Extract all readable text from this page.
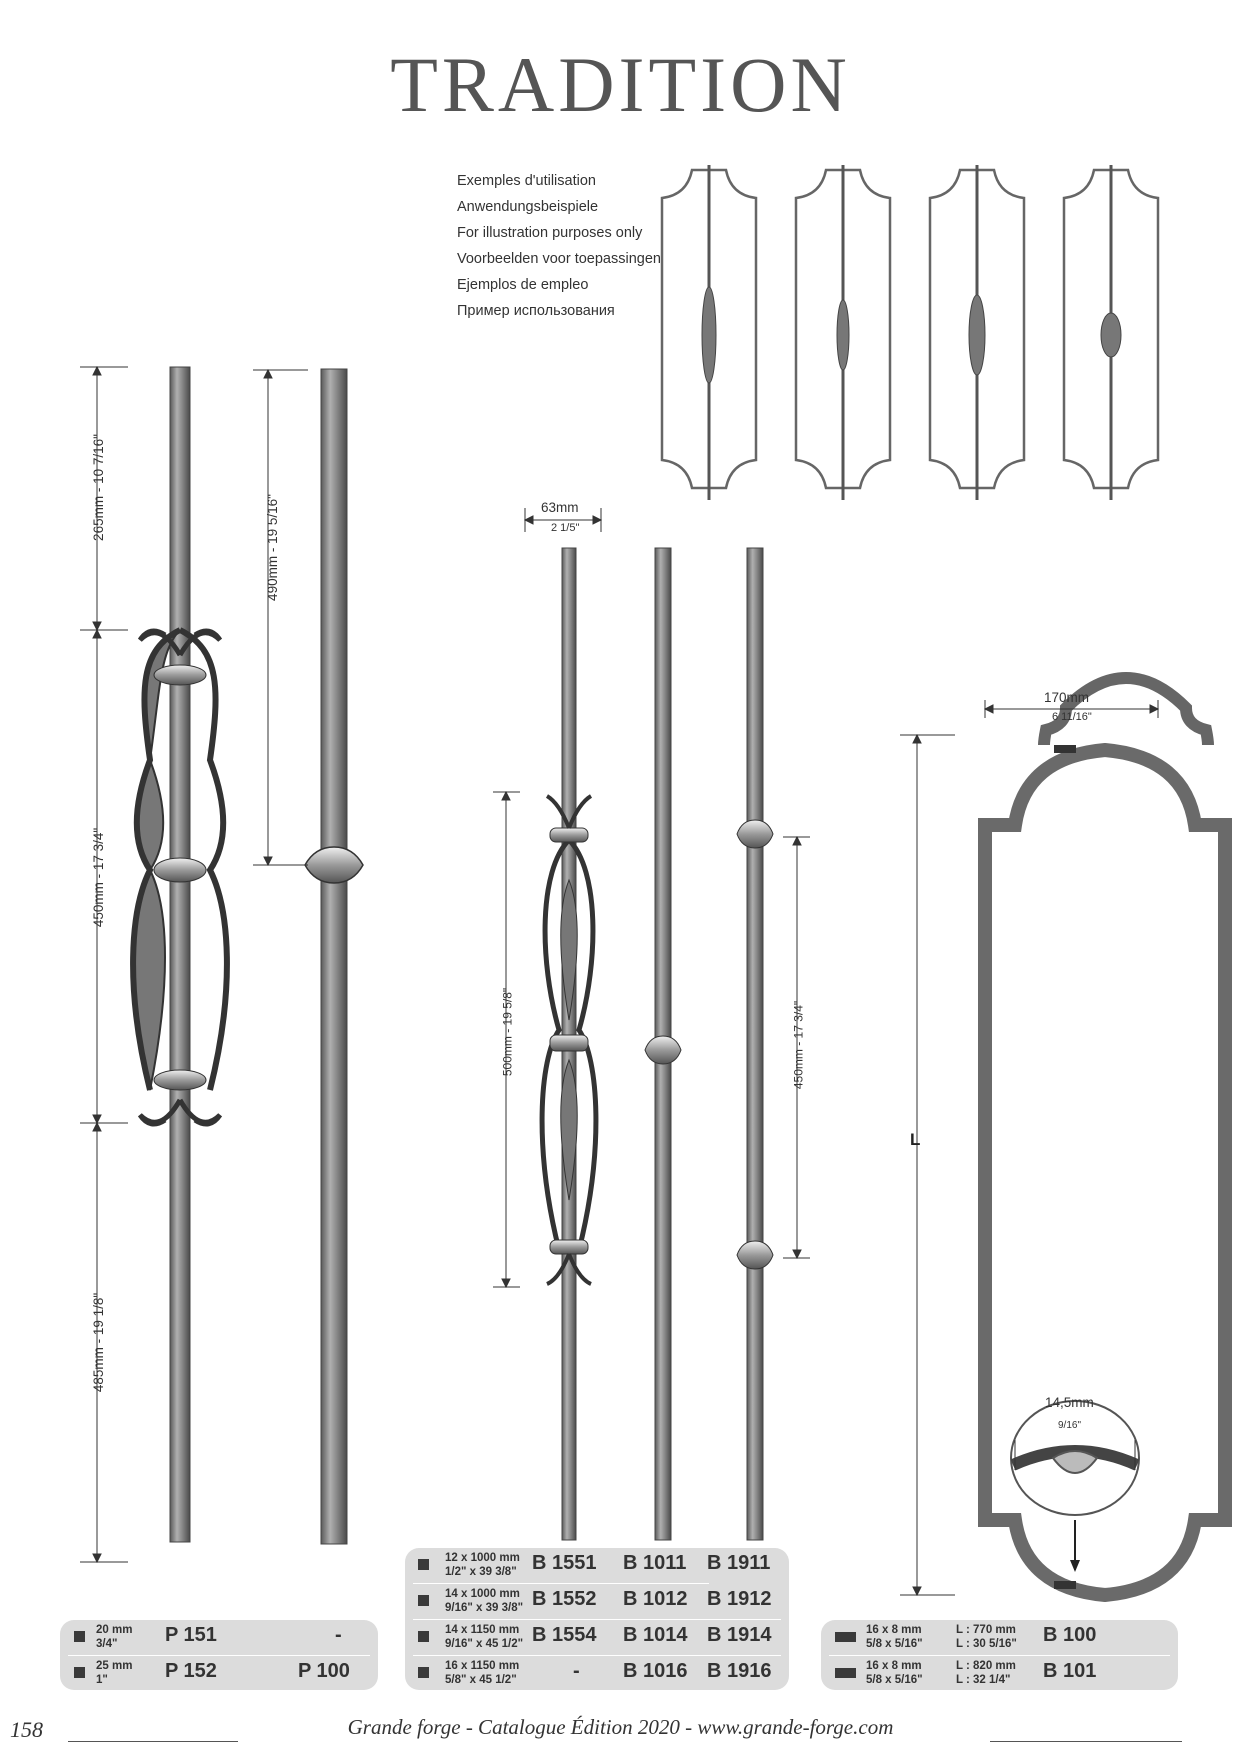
TRADITION
Exemples d'utilisation
Anwendungsbeispiele
For illustration purposes only
Voorbeelden voor toepassingen
Ejemplos de empleo
Пример использования
265mm - 10 7/16"
450mm - 17 3/4"
485mm - 19 1/8"
490mm - 19 5/16"	63mm
2 1/5"
500mm - 19 5/8"	450mm - 17 3/4"
170mm
6 11/16"
L
14,5mm
9/16"
20 mm
3/4" P 151	-
25 mm
1"	P 152	P 100
12 x 1000 mm
1/2" x 39 3/8" B 1551 B 1011 B 1911
14 x 1000 mm
9/16" x 39 3/8" B 1552 B 1012 B 1912
14 x 1150 mm
9/16" x 45 1/2" B 1554 B 1014 B 1914
16 x 1150 mm
5/8" x 45 1/2"	- B 1016 B 1916
16 x 8 mm
5/8 x 5/16"
L : 770 mm
L : 30 5/16" B 100
16 x 8 mm
5/8 x 5/16"
L : 820 mm
L : 32 1/4" B 101
158	Grande forge - Catalogue Édition 2020 - www.grande-forge.com
